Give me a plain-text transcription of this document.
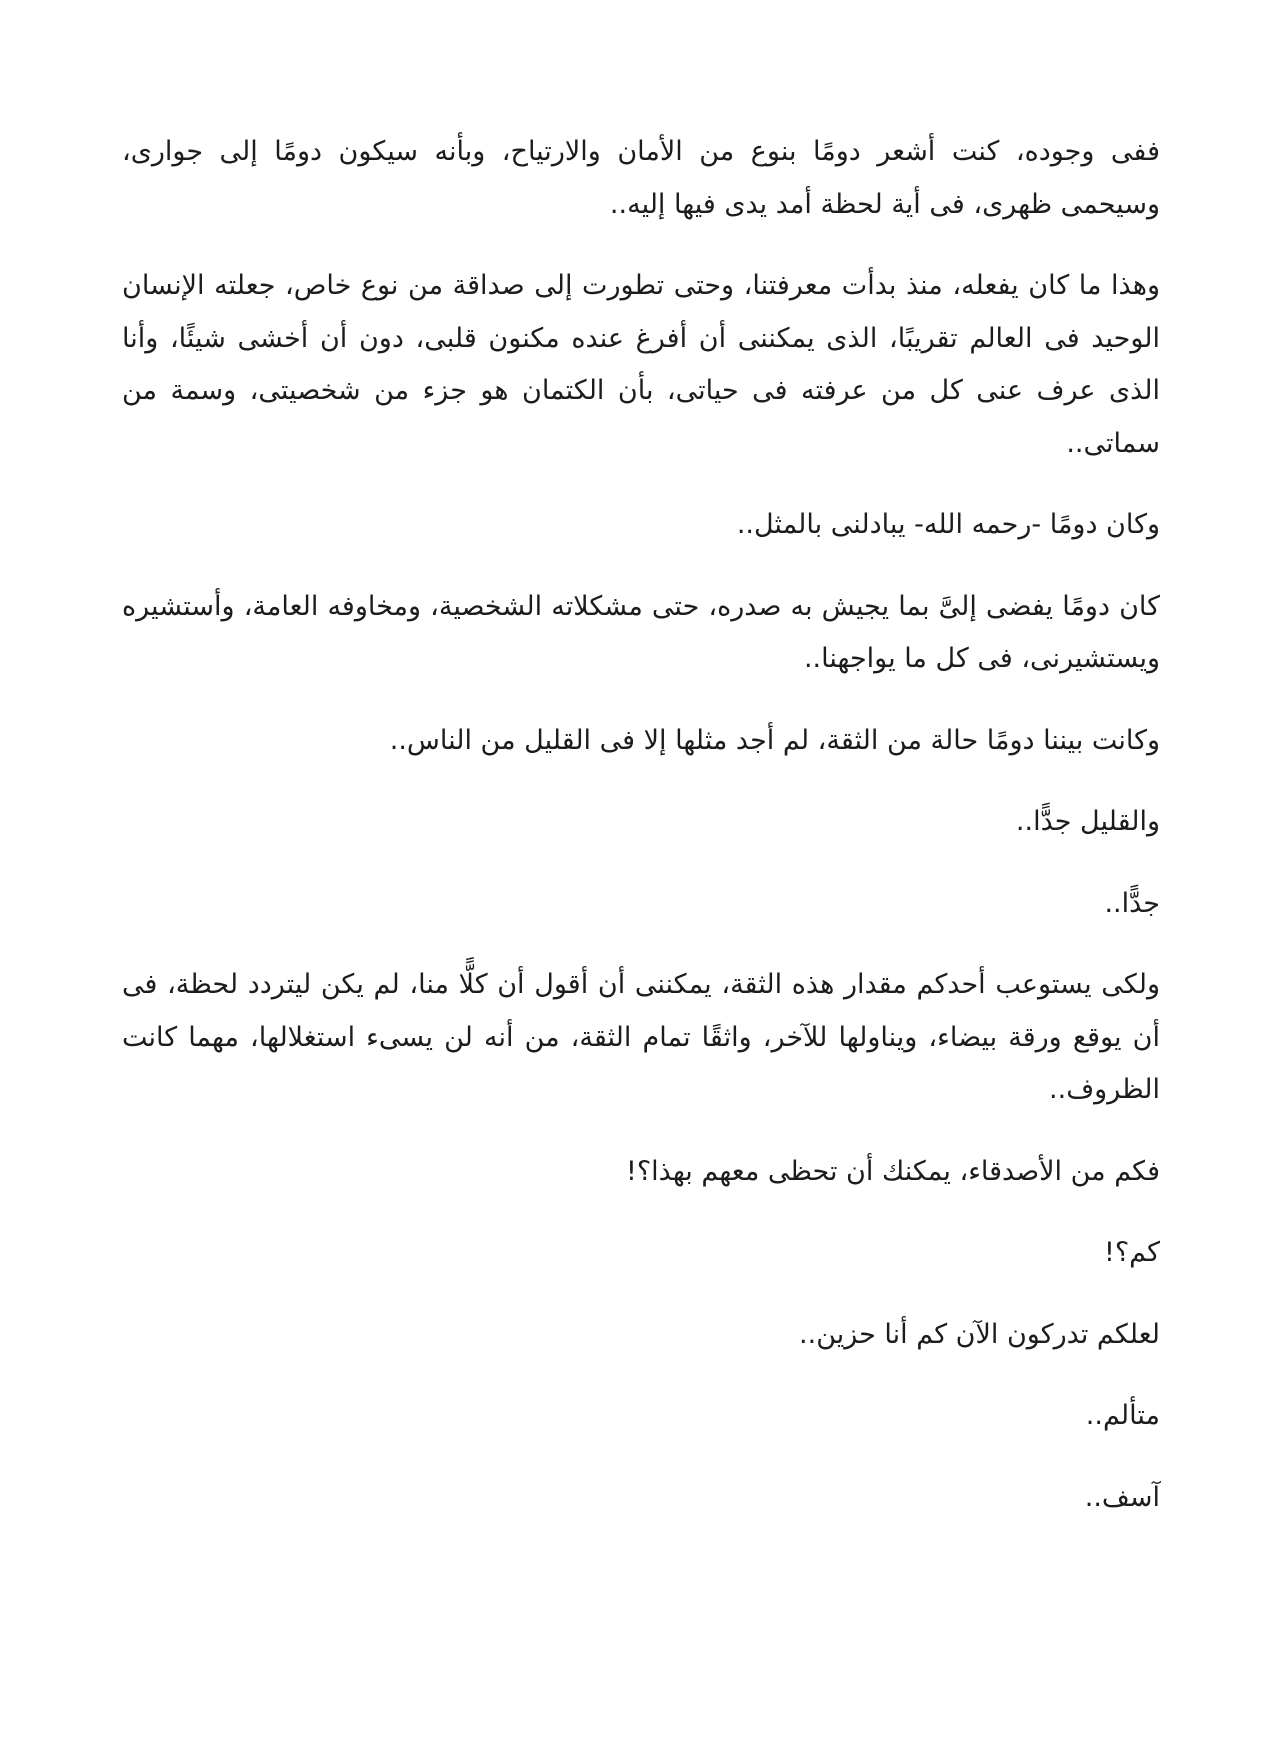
ففى وجوده، كنت أشعر دومًا بنوع من الأمان والارتياح، وبأنه سيكون دومًا إلى جوارى، وسيحمى ظهرى، فى أية لحظة أمد يدى فيها إليه..

وهذا ما كان يفعله، منذ بدأت معرفتنا، وحتى تطورت إلى صداقة من نوع خاص، جعلته الإنسان الوحيد فى العالم تقريبًا، الذى يمكننى أن أفرغ عنده مكنون قلبى، دون أن أخشى شيئًا، وأنا الذى عرف عنى كل من عرفته فى حياتى، بأن الكتمان هو جزء من شخصيتى، وسمة من سماتى..

وكان دومًا -رحمه الله- يبادلنى بالمثل..

كان دومًا يفضى إلىَّ بما يجيش به صدره، حتى مشكلاته الشخصية، ومخاوفه العامة، وأستشيره ويستشيرنى، فى كل ما يواجهنا..

وكانت بيننا دومًا حالة من الثقة، لم أجد مثلها إلا فى القليل من الناس..

والقليل جدًّا..

جدًّا..

ولكى يستوعب أحدكم مقدار هذه الثقة، يمكننى أن أقول أن كلًّا منا، لم يكن ليتردد لحظة، فى أن يوقع ورقة بيضاء، ويناولها للآخر، واثقًا تمام الثقة، من أنه لن يسىء استغلالها، مهما كانت الظروف..

فكم من الأصدقاء، يمكنك أن تحظى معهم بهذا؟!

كم؟!

لعلكم تدركون الآن كم أنا حزين..

متألم..

آسف..
